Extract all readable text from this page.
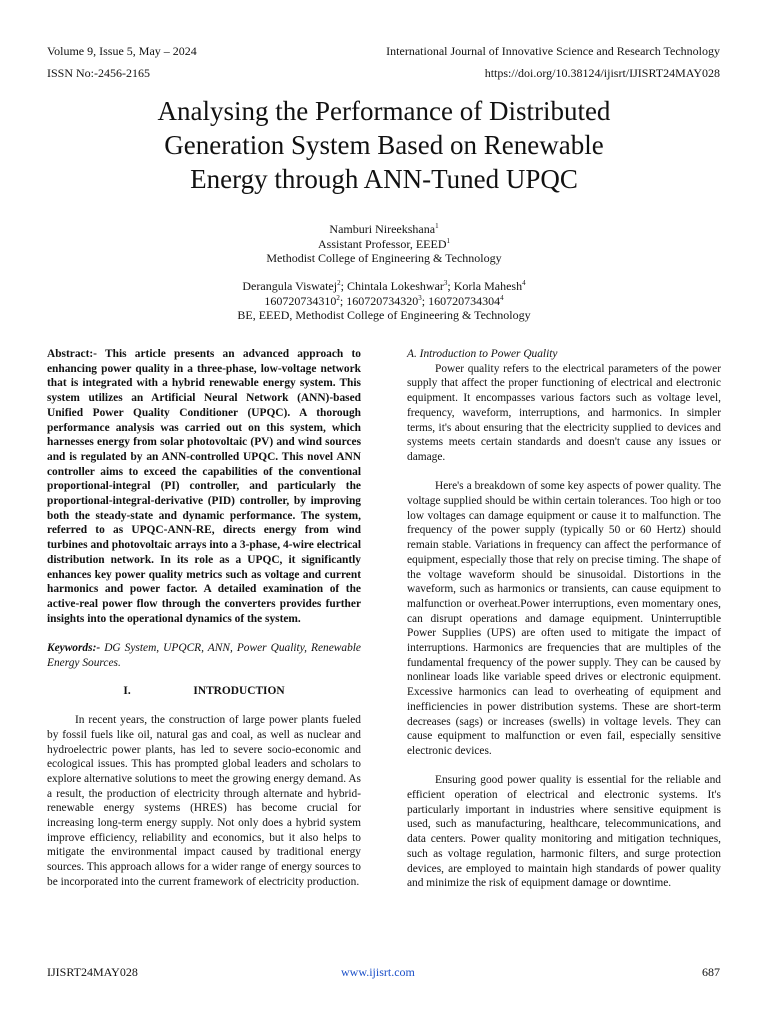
Volume 9, Issue 5, May – 2024
ISSN No:-2456-2165
International Journal of Innovative Science and Research Technology
https://doi.org/10.38124/ijisrt/IJISRT24MAY028
Analysing the Performance of Distributed
Generation System Based on Renewable
Energy through ANN-Tuned UPQC
Namburi Nireekshana$^1$
Assistant Professor, EEED$^1$
Methodist College of Engineering & Technology
Derangula Viswatej$^2$; Chintala Lokeshwar$^3$; Korla Mahesh$^4$
160720734310$^2$; 160720734320$^3$; 160720734304$^4$
BE, EEED, Methodist College of Engineering & Technology

Abstract:- This article presents an advanced approach to enhancing power quality in a three-phase, low-voltage network that is integrated with a hybrid renewable energy system. This system utilizes an Artificial Neural Network (ANN)-based Unified Power Quality Conditioner (UPQC). A thorough performance analysis was carried out on this system, which harnesses energy from solar photovoltaic (PV) and wind sources and is regulated by an ANN-controlled UPQC. This novel ANN controller aims to exceed the capabilities of the conventional proportional-integral (PI) controller, and particularly the proportional-integral-derivative (PID) controller, by improving both the steady-state and dynamic performance. The system, referred to as UPQC-ANN-RE, directs energy from wind turbines and photovoltaic arrays into a 3-phase, 4-wire electrical distribution network. In its role as a UPQC, it significantly enhances key power quality metrics such as voltage and current harmonics and power factor. A detailed examination of the active-real power flow through the converters provides further insights into the operational dynamics of the system.

Keywords:- DG System, UPQCR, ANN, Power Quality, Renewable Energy Sources.

I.	INTRODUCTION

In recent years, the construction of large power plants fueled by fossil fuels like oil, natural gas and coal, as well as nuclear and hydroelectric power plants, has led to severe socio-economic and ecological issues. This has prompted global leaders and scholars to explore alternative solutions to meet the growing energy demand. As a result, the production of electricity through alternate and hybrid-renewable energy systems (HRES) has become crucial for increasing long-term energy supply. Not only does a hybrid system improve efficiency, reliability and economics, but it also helps to mitigate the environmental impact caused by traditional energy sources. This approach allows for a wider range of energy sources to be incorporated into the current framework of electricity production.

A. Introduction to Power Quality

Power quality refers to the electrical parameters of the power supply that affect the proper functioning of electrical and electronic equipment. It encompasses various factors such as voltage level, frequency, waveform, interruptions, and harmonics. In simpler terms, it's about ensuring that the electricity supplied to devices and systems meets certain standards and doesn't cause any issues or damage.

Here's a breakdown of some key aspects of power quality. The voltage supplied should be within certain tolerances. Too high or too low voltages can damage equipment or cause it to malfunction. The frequency of the power supply (typically 50 or 60 Hertz) should remain stable. Variations in frequency can affect the performance of equipment, especially those that rely on precise timing. The shape of the voltage waveform should be sinusoidal. Distortions in the waveform, such as harmonics or transients, can cause equipment to malfunction or overheat.Power interruptions, even momentary ones, can disrupt operations and damage equipment. Uninterruptible Power Supplies (UPS) are often used to mitigate the impact of interruptions. Harmonics are frequencies that are multiples of the fundamental frequency of the power supply. They can be caused by nonlinear loads like variable speed drives or electronic equipment. Excessive harmonics can lead to overheating of equipment and inefficiencies in power distribution systems. These are short-term decreases (sags) or increases (swells) in voltage levels. They can cause equipment to malfunction or even fail, especially sensitive electronic devices.

Ensuring good power quality is essential for the reliable and efficient operation of electrical and electronic systems. It's particularly important in industries where sensitive equipment is used, such as manufacturing, healthcare, telecommunications, and data centers. Power quality monitoring and mitigation techniques, such as voltage regulation, harmonic filters, and surge protection devices, are employed to maintain high standards of power quality and minimize the risk of equipment damage or downtime.

IJISRT24MAY028	www.ijisrt.com	687
